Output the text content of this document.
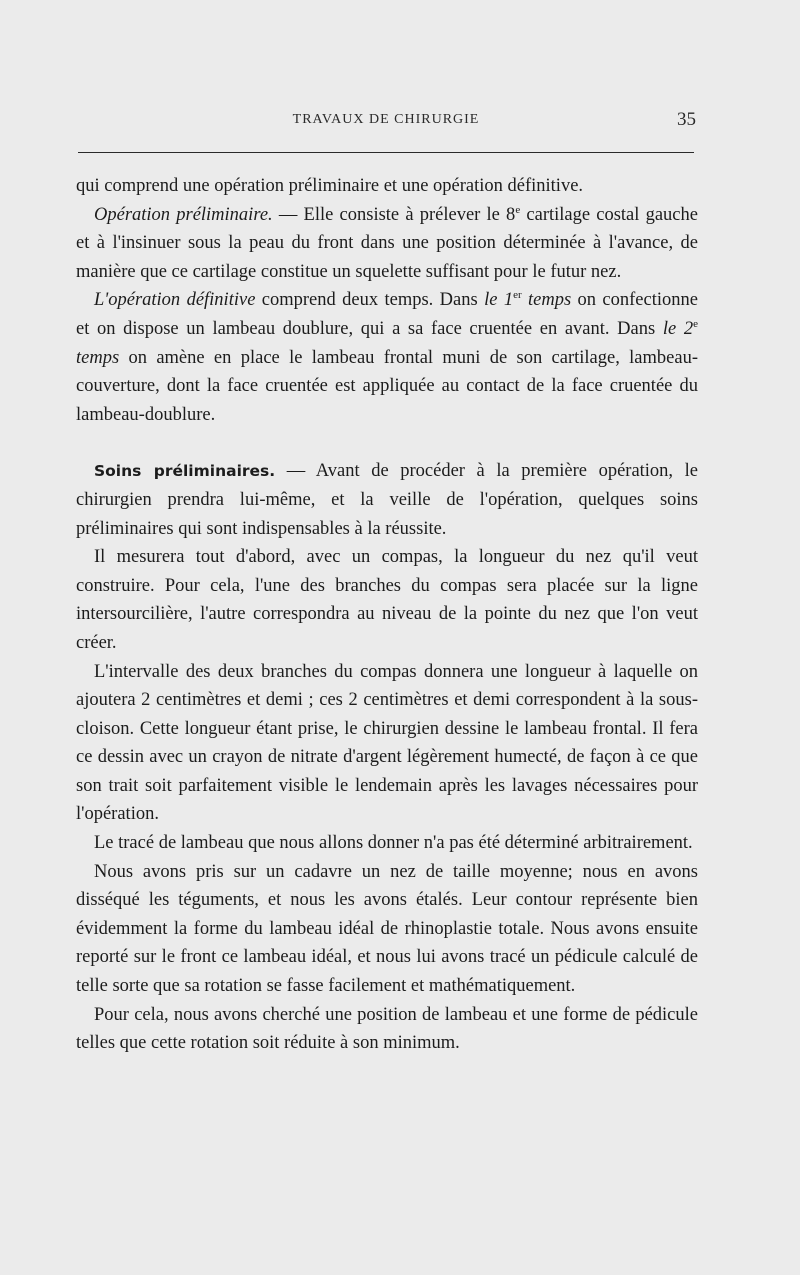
TRAVAUX DE CHIRURGIE	35

qui comprend une opération préliminaire et une opération définitive.

Opération préliminaire. — Elle consiste à prélever le 8e cartilage costal gauche et à l'insinuer sous la peau du front dans une position déterminée à l'avance, de manière que ce cartilage constitue un squelette suffisant pour le futur nez.

L'opération définitive comprend deux temps. Dans le 1er temps on confectionne et on dispose un lambeau doublure, qui a sa face cruentée en avant. Dans le 2e temps on amène en place le lambeau frontal muni de son cartilage, lambeau-couverture, dont la face cruentée est appliquée au contact de la face cruentée du lambeau-doublure.

Soins préliminaires. — Avant de procéder à la première opération, le chirurgien prendra lui-même, et la veille de l'opération, quelques soins préliminaires qui sont indispensables à la réussite.

Il mesurera tout d'abord, avec un compas, la longueur du nez qu'il veut construire. Pour cela, l'une des branches du compas sera placée sur la ligne intersourcilière, l'autre correspondra au niveau de la pointe du nez que l'on veut créer.

L'intervalle des deux branches du compas donnera une longueur à laquelle on ajoutera 2 centimètres et demi ; ces 2 centimètres et demi correspondent à la sous-cloison. Cette longueur étant prise, le chirurgien dessine le lambeau frontal. Il fera ce dessin avec un crayon de nitrate d'argent légèrement humecté, de façon à ce que son trait soit parfaitement visible le lendemain après les lavages nécessaires pour l'opération.

Le tracé de lambeau que nous allons donner n'a pas été déterminé arbitrairement.

Nous avons pris sur un cadavre un nez de taille moyenne; nous en avons disséqué les téguments, et nous les avons étalés. Leur contour représente bien évidemment la forme du lambeau idéal de rhinoplastie totale. Nous avons ensuite reporté sur le front ce lambeau idéal, et nous lui avons tracé un pédicule calculé de telle sorte que sa rotation se fasse facilement et mathématiquement.

Pour cela, nous avons cherché une position de lambeau et une forme de pédicule telles que cette rotation soit réduite à son minimum.
